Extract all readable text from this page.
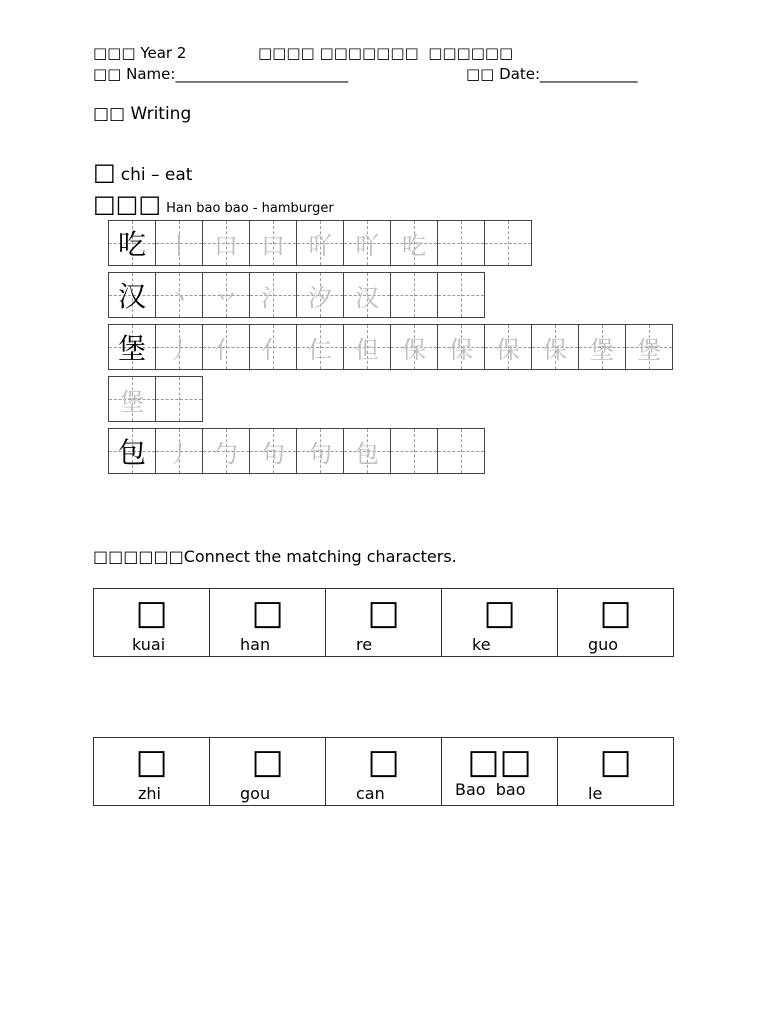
□□□ Year 2	□□□□ □□□□□□□  □□□□□□
□□ Name:_______________________	□□ Date:_____________
□□ Writing
□ chi – eat
□□□ Han bao bao - hamburger
吃 丨 口 口 吖 吖 吃
汉 丶 丷 氵 汐 汉
堡 丿 亻 亻 仁 但 保 保 保 保 堡 堡
堡
包 丿 勹 句 句 包
□□□□□□Connect the matching characters.
□
kuai
□
han
□
re
□
ke
□
guo
□
zhi
□
gou
□
can
□□
Bao  bao
□
le
